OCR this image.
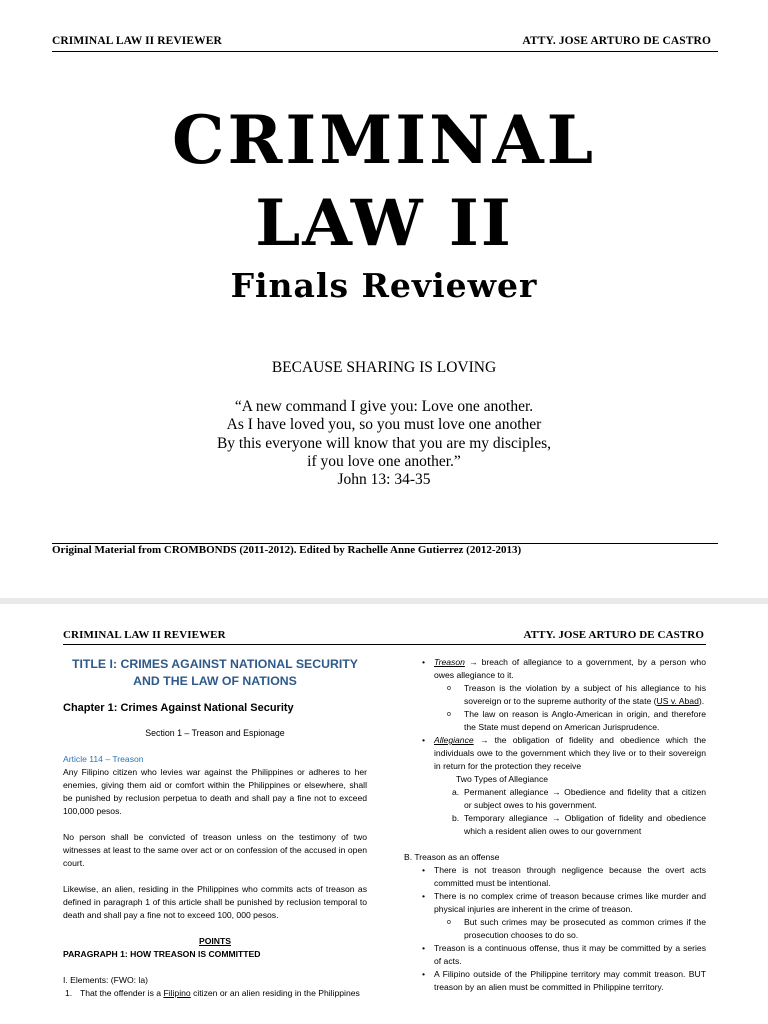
CRIMINAL LAW II REVIEWER	ATTY. JOSE ARTURO DE CASTRO
CRIMINAL
LAW II
Finals Reviewer
BECAUSE SHARING IS LOVING
“A new command I give you: Love one another.
As I have loved you, so you must love one another
By this everyone will know that you are my disciples,
if you love one another.”
John 13: 34-35
Original Material from CROMBONDS (2011-2012). Edited by Rachelle Anne Gutierrez (2012-2013)
CRIMINAL LAW II REVIEWER	ATTY. JOSE ARTURO DE CASTRO
TITLE I: CRIMES AGAINST NATIONAL SECURITY
AND THE LAW OF NATIONS
Chapter 1: Crimes Against National Security
Section 1 – Treason and Espionage
Article 114 – Treason
Any Filipino citizen who levies war against the Philippines or adheres to her enemies, giving them aid or comfort within the Philippines or elsewhere, shall be punished by reclusion perpetua to death and shall pay a fine not to exceed 100,000 pesos.
No person shall be convicted of treason unless on the testimony of two witnesses at least to the same over act or on confession of the accused in open court.
Likewise, an alien, residing in the Philippines who commits acts of treason as defined in paragraph 1 of this article shall be punished by reclusion temporal to death and shall pay a fine not to exceed 100, 000 pesos.
POINTS
PARAGRAPH 1: HOW TREASON IS COMMITTED
I. Elements: (FWO: la)
1. That the offender is a Filipino citizen or an alien residing in the Philippines
•	Treason → breach of allegiance to a government, by a person who owes allegiance to it.
o	Treason is the violation by a subject of his allegiance to his sovereign or to the supreme authority of the state (US v. Abad).
o	The law on reason is Anglo-American in origin, and therefore the State must depend on American Jurisprudence.
•	Allegiance → the obligation of fidelity and obedience which the individuals owe to the government which they live or to their sovereign in return for the protection they receive
Two Types of Allegiance
a. Permanent allegiance → Obedience and fidelity that a citizen or subject owes to his government.
b. Temporary allegiance → Obligation of fidelity and obedience which a resident alien owes to our government
B. Treason as an offense
•	There is not treason through negligence because the overt acts committed must be intentional.
•	There is no complex crime of treason because crimes like murder and physical injuries are inherent in the crime of treason.
o	But such crimes may be prosecuted as common crimes if the prosecution chooses to do so.
•	Treason is a continuous offense, thus it may be committed by a series of acts.
•	A Filipino outside of the Philippine territory may commit treason. BUT treason by an alien must be committed in Philippine territory.
